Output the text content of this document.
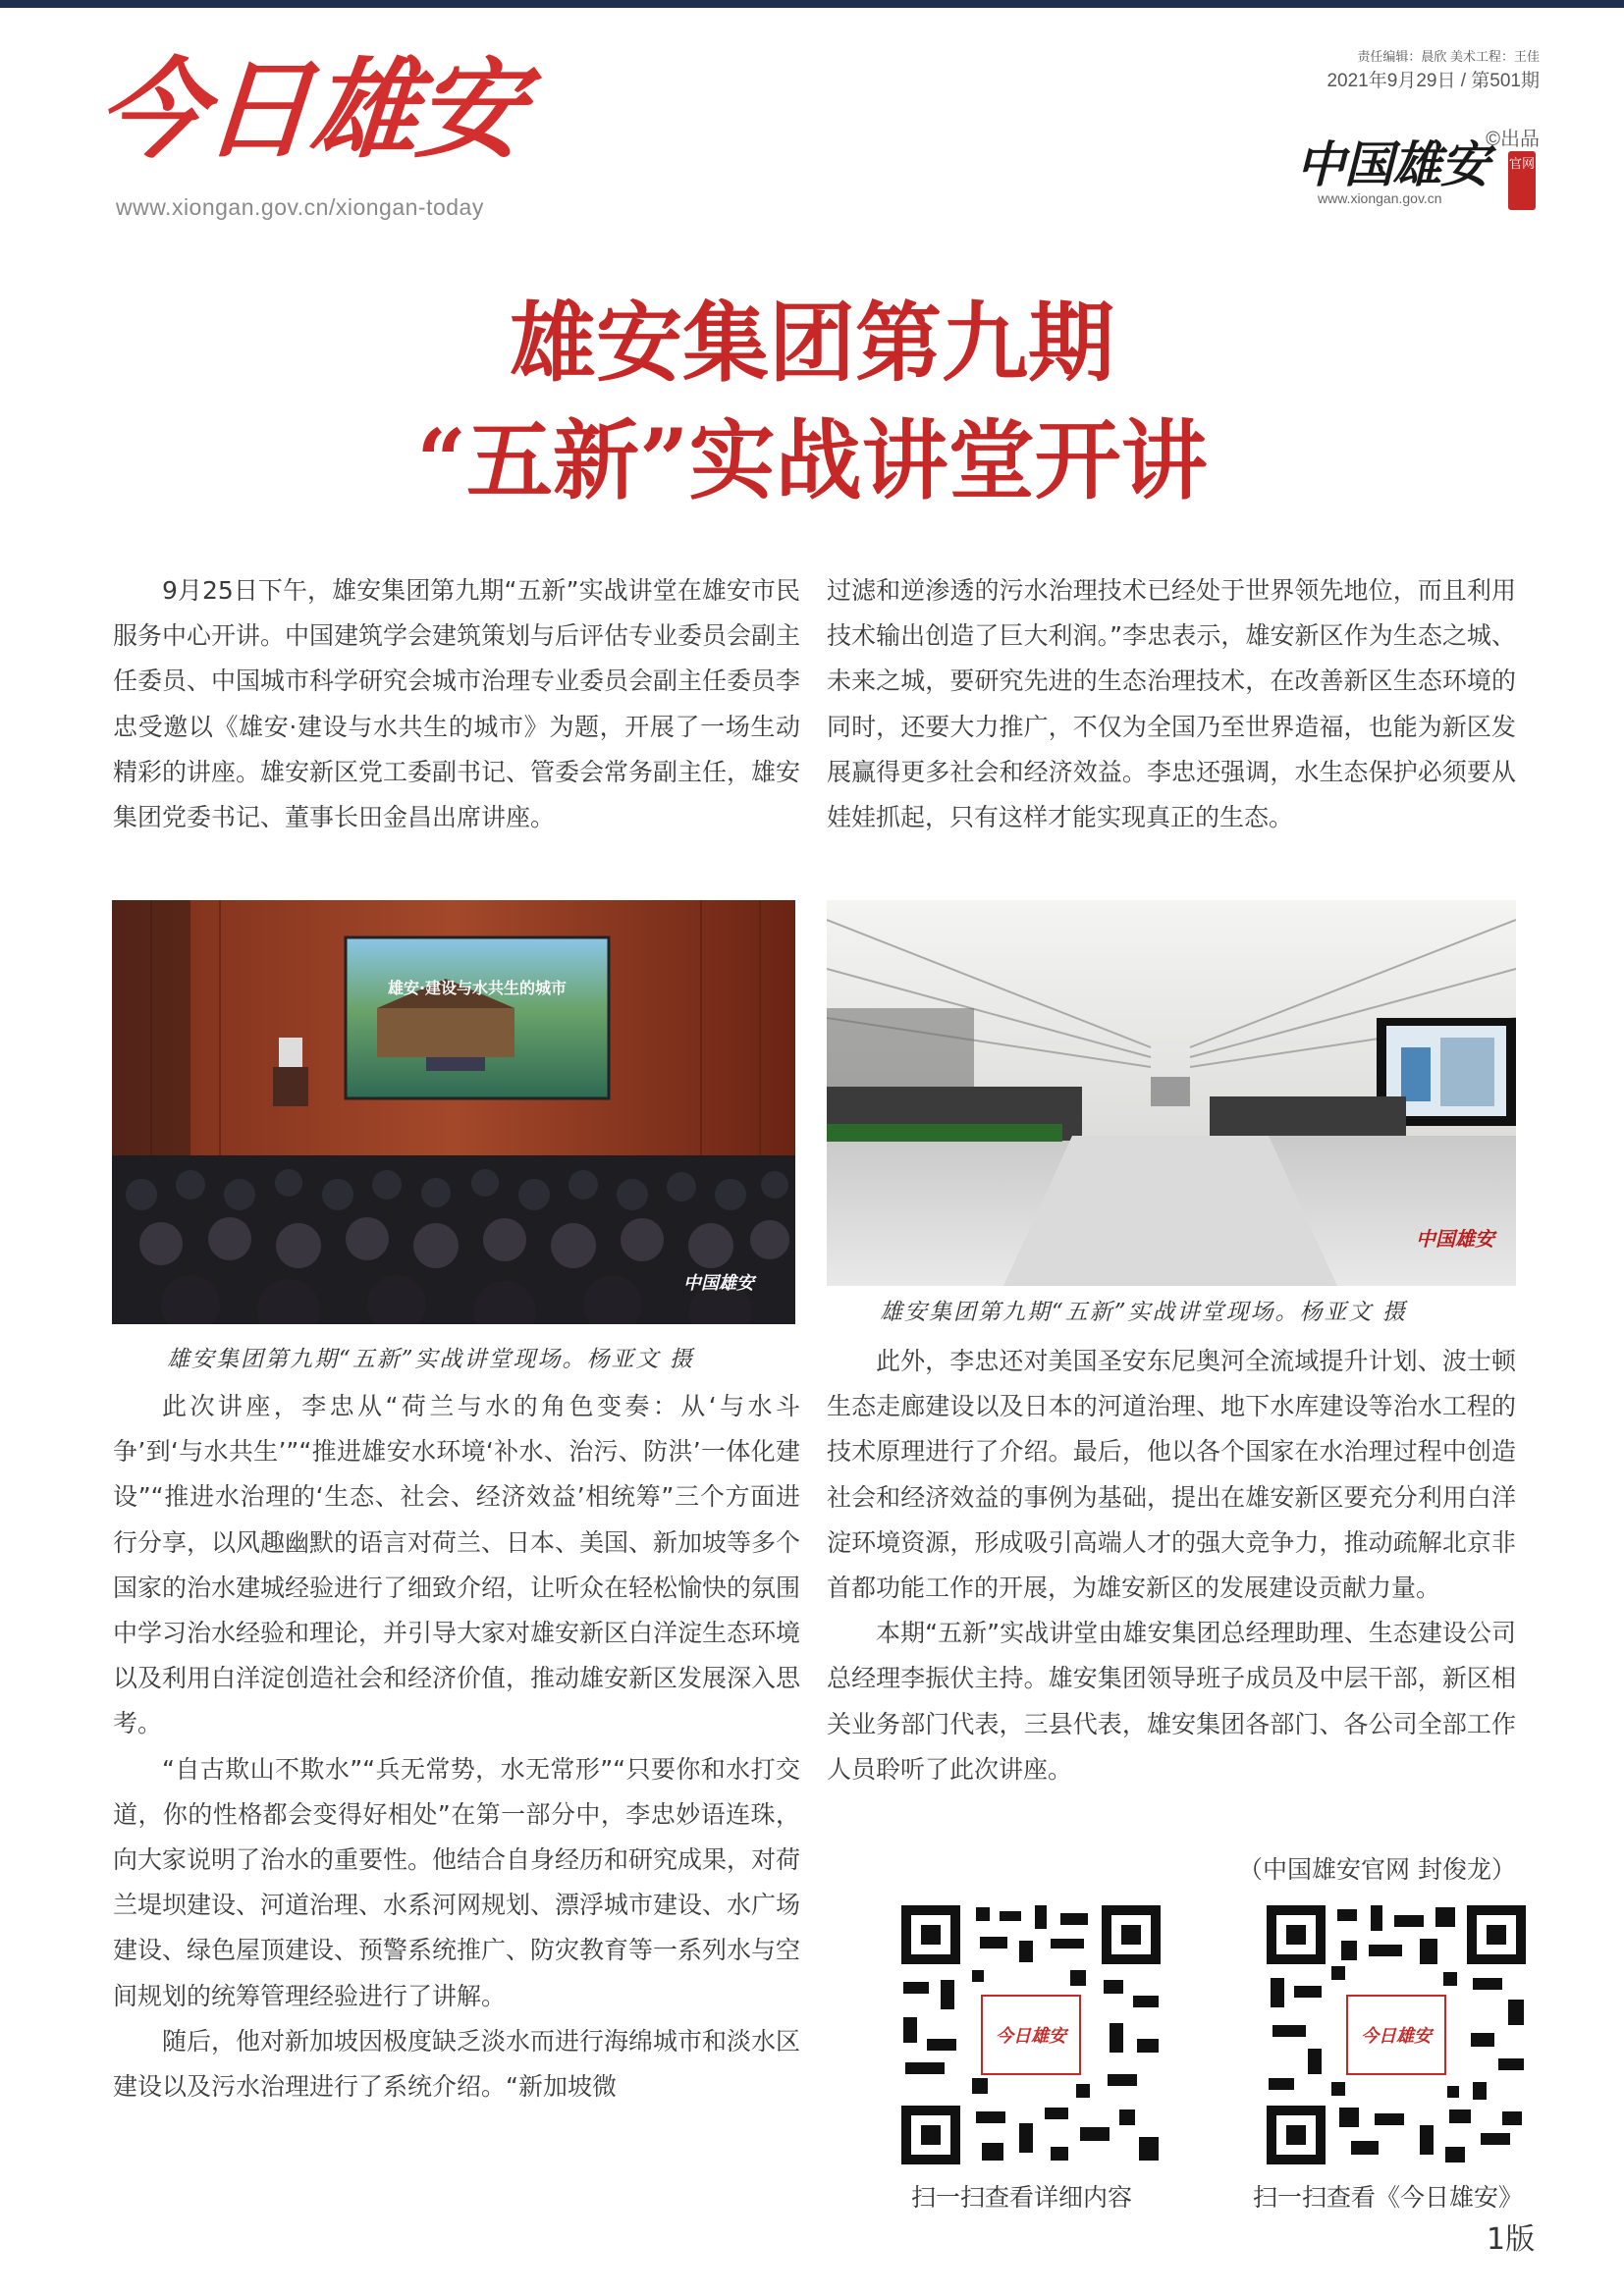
今日雄安
www.xiongan.gov.cn/xiongan-today
责任编辑：晨欣 美术工程：王佳
2021年9月29日 / 第501期
©出品
中国雄安
www.xiongan.gov.cn
官网
雄安集团第九期
“五新”实战讲堂开讲

9月25日下午，雄安集团第九期“五新”实战讲堂在雄安市民服务中心开讲。中国建筑学会建筑策划与后评估专业委员会副主任委员、中国城市科学研究会城市治理专业委员会副主任委员李忠受邀以《雄安·建设与水共生的城市》为题，开展了一场生动精彩的讲座。雄安新区党工委副书记、管委会常务副主任，雄安集团党委书记、董事长田金昌出席讲座。

过滤和逆渗透的污水治理技术已经处于世界领先地位，而且利用技术输出创造了巨大利润。”李忠表示，雄安新区作为生态之城、未来之城，要研究先进的生态治理技术，在改善新区生态环境的同时，还要大力推广，不仅为全国乃至世界造福，也能为新区发展赢得更多社会和经济效益。李忠还强调，水生态保护必须要从娃娃抓起，只有这样才能实现真正的生态。

雄安·建设与水共生的城市
中国雄安
中国雄安
雄安集团第九期“五新”实战讲堂现场。杨亚文 摄
雄安集团第九期“五新”实战讲堂现场。杨亚文 摄

此次讲座，李忠从“荷兰与水的角色变奏：从‘与水斗争’到‘与水共生’”“推进雄安水环境‘补水、治污、防洪’一体化建设”“推进水治理的‘生态、社会、经济效益’相统筹”三个方面进行分享，以风趣幽默的语言对荷兰、日本、美国、新加坡等多个国家的治水建城经验进行了细致介绍，让听众在轻松愉快的氛围中学习治水经验和理论，并引导大家对雄安新区白洋淀生态环境以及利用白洋淀创造社会和经济价值，推动雄安新区发展深入思考。

“自古欺山不欺水”“兵无常势，水无常形”“只要你和水打交道，你的性格都会变得好相处”在第一部分中，李忠妙语连珠，向大家说明了治水的重要性。他结合自身经历和研究成果，对荷兰堤坝建设、河道治理、水系河网规划、漂浮城市建设、水广场建设、绿色屋顶建设、预警系统推广、防灾教育等一系列水与空间规划的统筹管理经验进行了讲解。

随后，他对新加坡因极度缺乏淡水而进行海绵城市和淡水区建设以及污水治理进行了系统介绍。“新加坡微

此外，李忠还对美国圣安东尼奥河全流域提升计划、波士顿生态走廊建设以及日本的河道治理、地下水库建设等治水工程的技术原理进行了介绍。最后，他以各个国家在水治理过程中创造社会和经济效益的事例为基础，提出在雄安新区要充分利用白洋淀环境资源，形成吸引高端人才的强大竞争力，推动疏解北京非首都功能工作的开展，为雄安新区的发展建设贡献力量。

本期“五新”实战讲堂由雄安集团总经理助理、生态建设公司总经理李振伏主持。雄安集团领导班子成员及中层干部，新区相关业务部门代表，三县代表，雄安集团各部门、各公司全部工作人员聆听了此次讲座。

（中国雄安官网 封俊龙）
今日雄安	今日雄安
扫一扫查看详细内容	扫一扫查看《今日雄安》
1版
